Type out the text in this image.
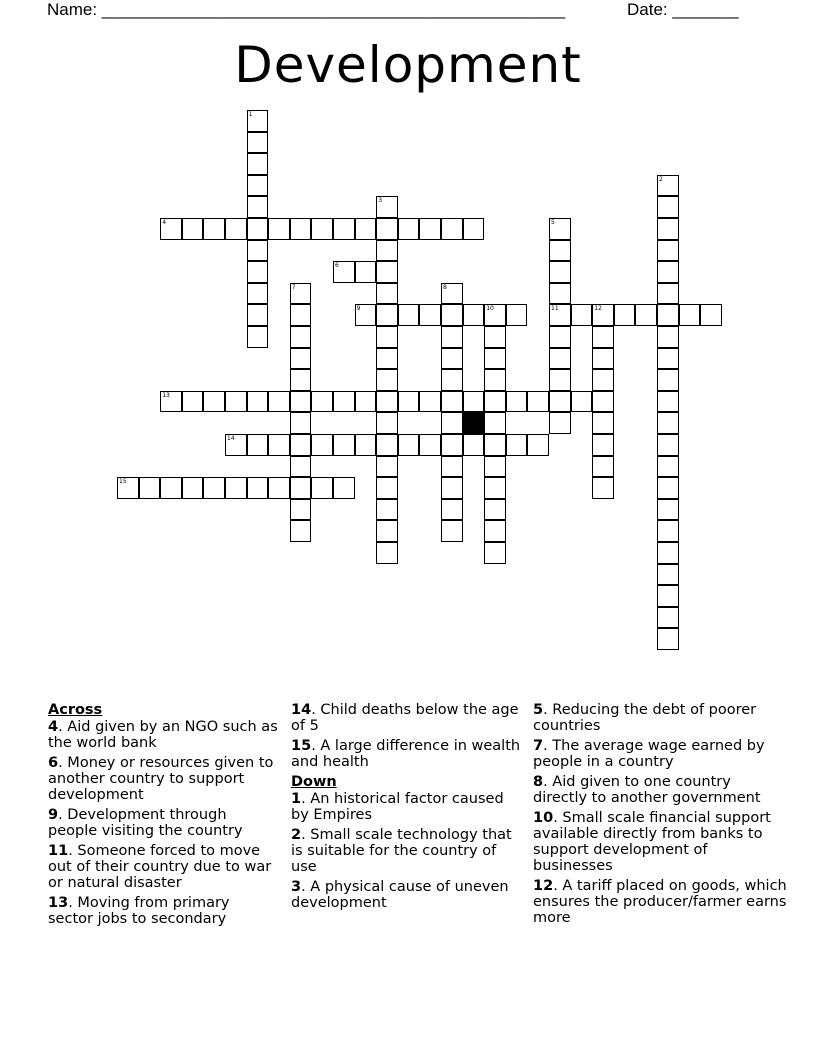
Name: _________________________________________________	Date: _______
Development
1
2
3
4	5
11
6
7	8
9	10	12
13
14
15
Across
4. Aid given by an NGO such as the world bank
6. Money or resources given to another country to support development
9. Development through people visiting the country
11. Someone forced to move out of their country due to war or natural disaster
13. Moving from primary sector jobs to secondary
14. Child deaths below the age of 5
15. A large difference in wealth and health
Down
1. An historical factor caused by Empires
2. Small scale technology that is suitable for the country of use
3. A physical cause of uneven development
5. Reducing the debt of poorer countries
7. The average wage earned by people in a country
8. Aid given to one country directly to another government
10. Small scale financial support available directly from banks to support development of businesses
12. A tariff placed on goods, which ensures the producer/farmer earns more
